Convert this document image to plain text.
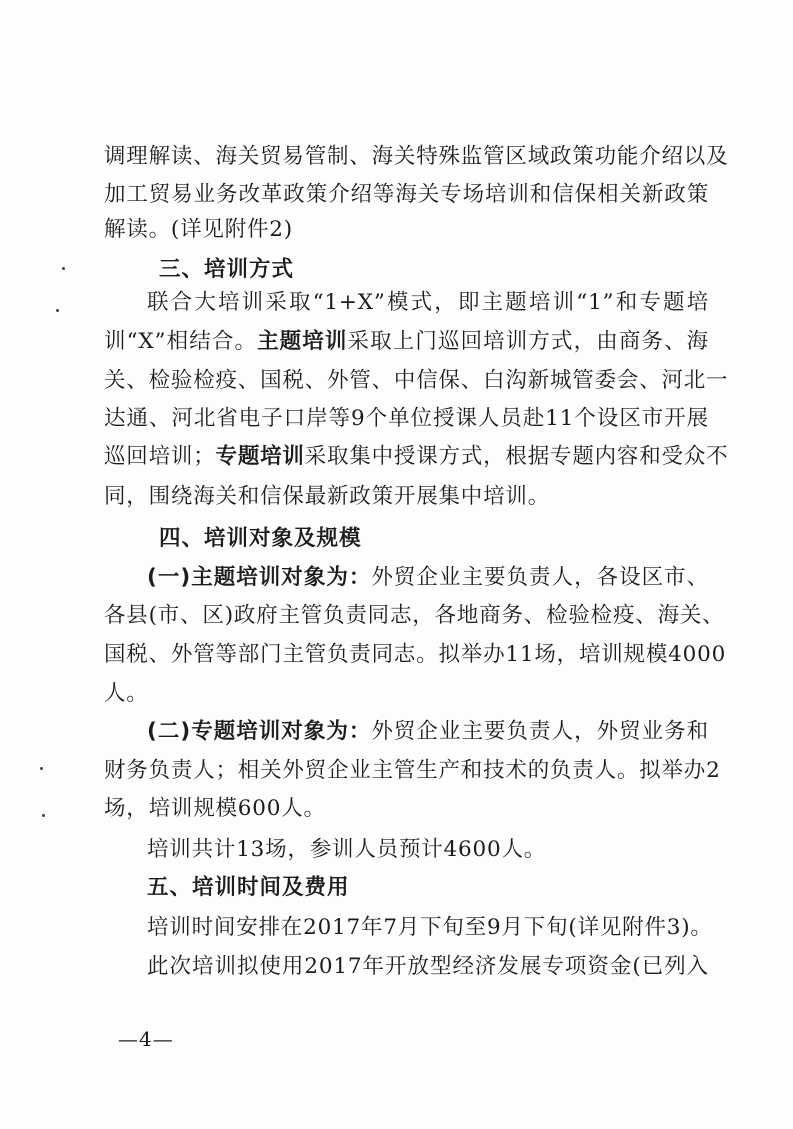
调理解读、海关贸易管制、海关特殊监管区域政策功能介绍以及
加工贸易业务改革政策介绍等海关专场培训和信保相关新政策
解读。(详见附件2)
三、培训方式
联合大培训采取“1+X”模式，即主题培训“1”和专题培
训“X”相结合。主题培训采取上门巡回培训方式，由商务、海
关、检验检疫、国税、外管、中信保、白沟新城管委会、河北一
达通、河北省电子口岸等9个单位授课人员赴11个设区市开展
巡回培训；专题培训采取集中授课方式，根据专题内容和受众不
同，围绕海关和信保最新政策开展集中培训。
四、培训对象及规模
(一)主题培训对象为：外贸企业主要负责人，各设区市、
各县(市、区)政府主管负责同志，各地商务、检验检疫、海关、
国税、外管等部门主管负责同志。拟举办11场，培训规模4000
人。
(二)专题培训对象为：外贸企业主要负责人，外贸业务和
财务负责人；相关外贸企业主管生产和技术的负责人。拟举办2
场，培训规模600人。
培训共计13场，参训人员预计4600人。
五、培训时间及费用
培训时间安排在2017年7月下旬至9月下旬(详见附件3)。
此次培训拟使用2017年开放型经济发展专项资金(已列入
—4—
